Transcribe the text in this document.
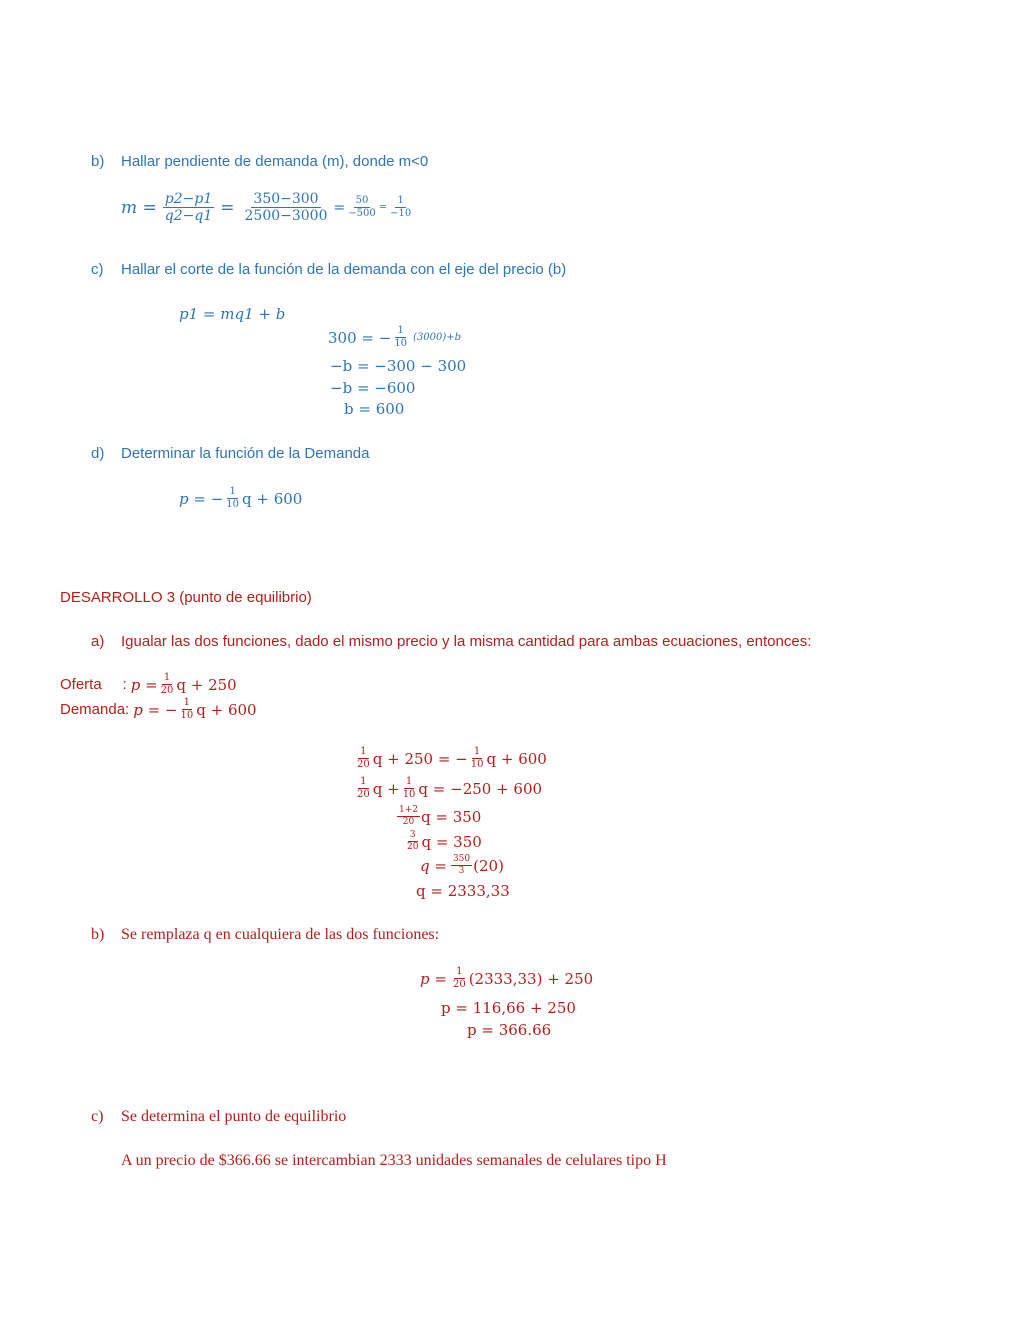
b) Hallar pendiente de demanda (m), donde m<0
$m = \frac{p2-p1}{q2-q1} = \frac{350-300}{2500-3000} = \frac{50}{-500} = \frac{1}{-10}$
c) Hallar el corte de la función de la demanda con el eje del precio (b)
p1 = mq1 + b
300 = − $\frac{1}{10} (3000)+b$
−b = −300 − 300
−b = −600
b = 600
d) Determinar la función de la Demanda
p = − $\frac{1}{10}$ q + 600
DESARROLLO 3 (punto de equilibrio)
a) Igualar las dos funciones, dado el mismo precio y la misma cantidad para ambas ecuaciones, entonces:
Oferta     : $p = \frac{1}{20}$ q + 250
Demanda: p = − $\frac{1}{10}$ q + 600
$\frac{1}{20}$ q + 250 = − $\frac{1}{10}$ q + 600
$\frac{1}{20}$ $q + \frac{1}{10}$ q = −250 + 600
$\frac{1+2}{20}$ q = 350
$\frac{3}{20}$ q = 350
$q = \frac{350}{3} (20)$
q = 2333,33
b) Se remplaza q en cualquiera de las dos funciones:
$p = \frac{1}{20} (2333,33) + 250$
p = 116,66 + 250
p = 366.66
c) Se determina el punto de equilibrio
A un precio de $366.66 se intercambian 2333 unidades semanales de celulares tipo H
